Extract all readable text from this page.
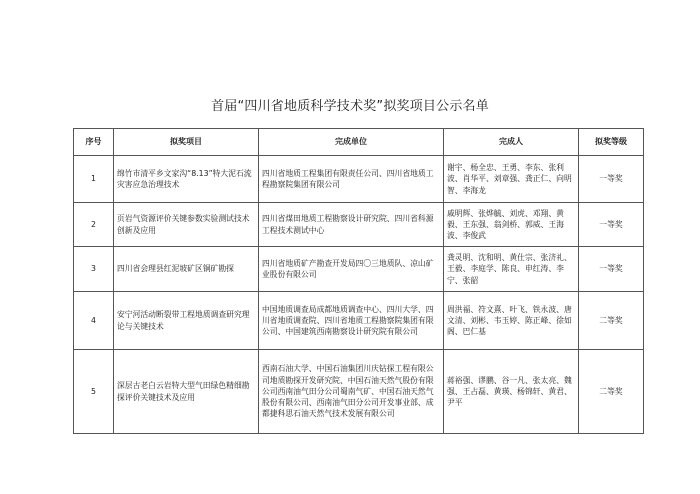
首届“四川省地质科学技术奖”拟奖项目公示名单
序号	拟奖项目	完成单位	完成人	拟奖等级
1	绵竹市清平乡文家沟“8.13”特大泥石流灾害应急治理技术	四川省地质工程集团有限责任公司、四川省地质工程勘察院集团有限公司	谢宇、杨全忠、王勇、李东、张利波、肖华平、刘章强、龚正仁、向明智、李海龙	一等奖
2	页岩气资源评价关键参数实验测试技术创新及应用	四川省煤田地质工程勘察设计研究院、四川省科源工程技术测试中心	戚明辉、张烨毓、刘虎、邓翔、黄毅、王东强、翁剑桥、郭威、王海波、李俊武	一等奖
3	四川省会理县红泥坡矿区铜矿勘探	四川省地质矿产勘查开发局四〇三地质队、凉山矿业股份有限公司	龚灵明、沈和明、黄仕宗、张济礼、王毅、李庭学、陈良、申红涛、李宁、张韶	一等奖
4	安宁河活动断裂带工程地质调查研究理论与关键技术	中国地质调查局成都地质调查中心、四川大学、四川省地质调查院、四川省地质工程勘察院集团有限公司、中国建筑西南勘察设计研究院有限公司	周洪福、符文熹、叶飞、铁永波、唐文清、刘彬、韦玉婷、陈正峰、徐如阁、巴仁基	二等奖
5	深层古老白云岩特大型气田绿色精细勘探评价关键技术及应用	西南石油大学、中国石油集团川庆钻探工程有限公司地质勘探开发研究院、中国石油天然气股份有限公司西南油气田分公司蜀南气矿、中国石油天然气股份有限公司、西南油气田分公司开发事业部、成都捷科思石油天然气技术发展有限公司	蒋裕强、谬鹏、谷一凡、张太亮、魏强、王占磊、黄瑛、杨锦轩、黄君、尹平	二等奖
